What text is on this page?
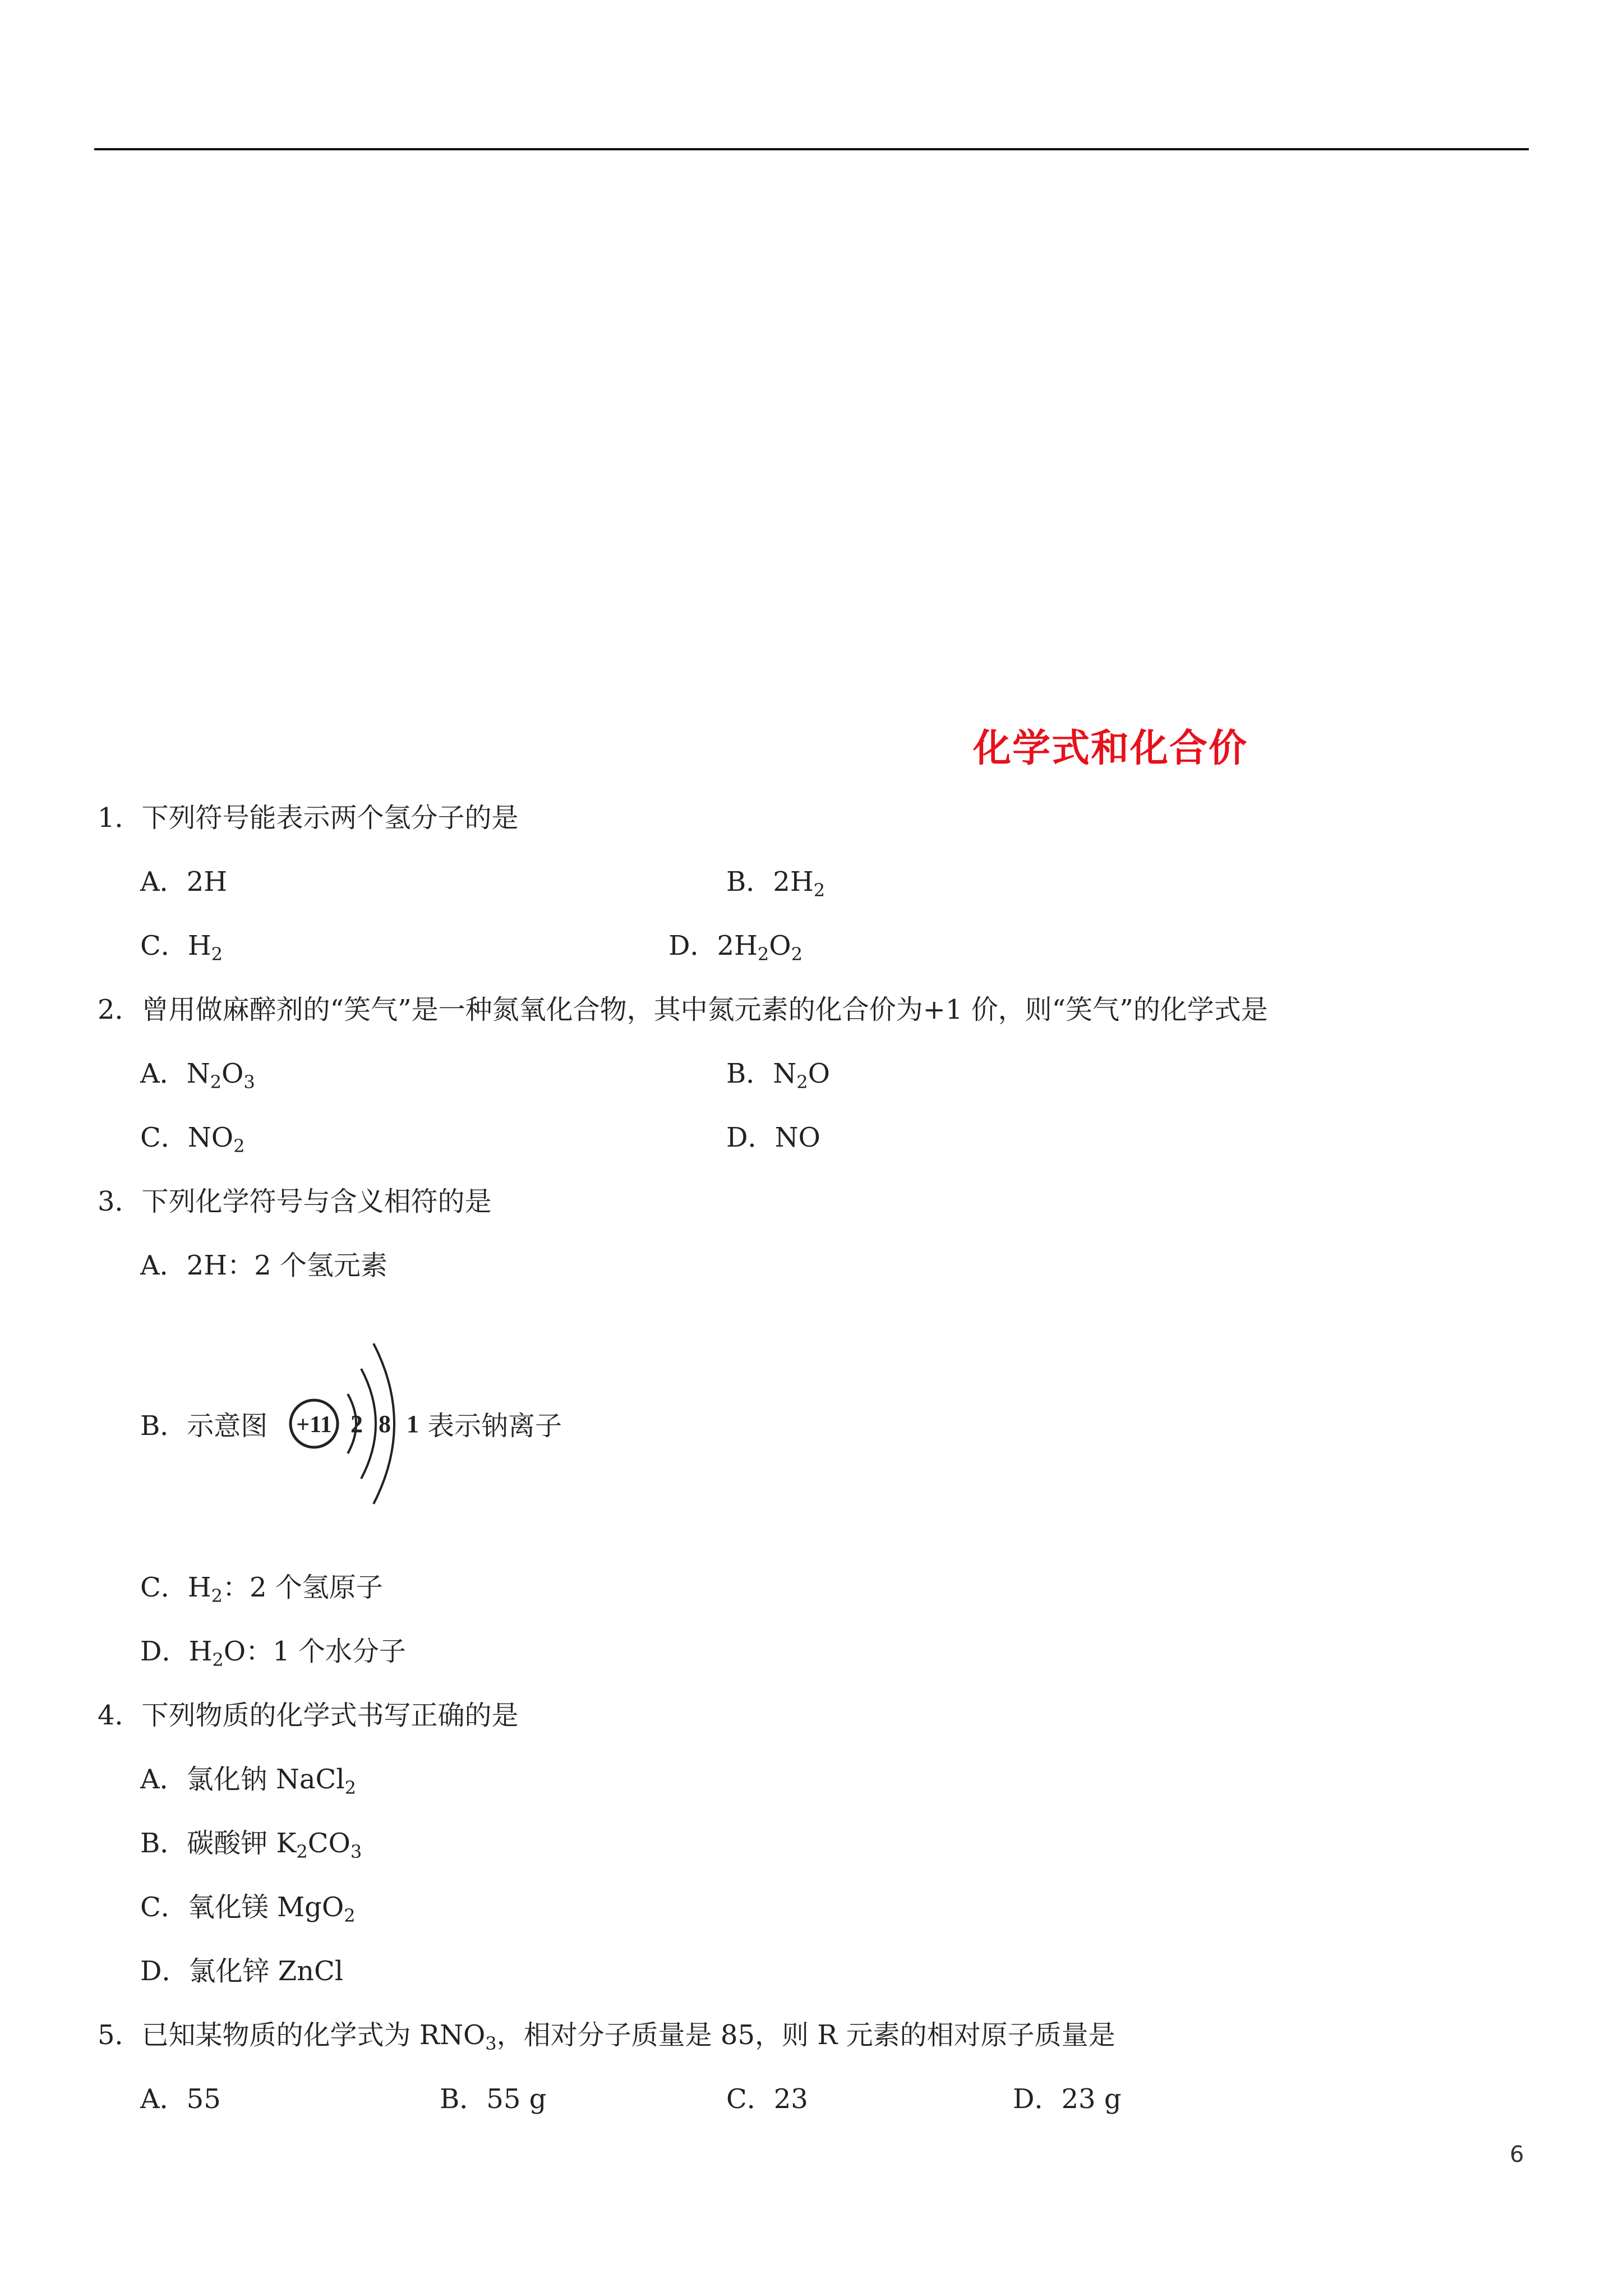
化学式和化合价
1．下列符号能表示两个氢分子的是
A．2H	B．$2H_2$
C．$H_2$	D．$2H_2O_2$
2．曾用做麻醉剂的“笑气”是一种氮氧化合物，其中氮元素的化合价为+1 价，则“笑气”的化学式是
A．$N_2O_3$	B．$N_2O$
C．$NO_2$	D．NO
3．下列化学符号与含义相符的是
A．2H：2 个氢元素
B．示意图 +11 2 8 1 表示钠离子
C．$H_2$：2 个氢原子
D．$H_2O$：1 个水分子
4．下列物质的化学式书写正确的是
A．氯化钠 NaCl$_2$
B．碳酸钾 $K_2CO_3$
C．氧化镁 MgO$_2$
D．氯化锌 ZnCl
5．已知某物质的化学式为 $RNO_3$，相对分子质量是 85，则 R 元素的相对原子质量是
A．55	B．55 g	C．23	D．23 g
6
